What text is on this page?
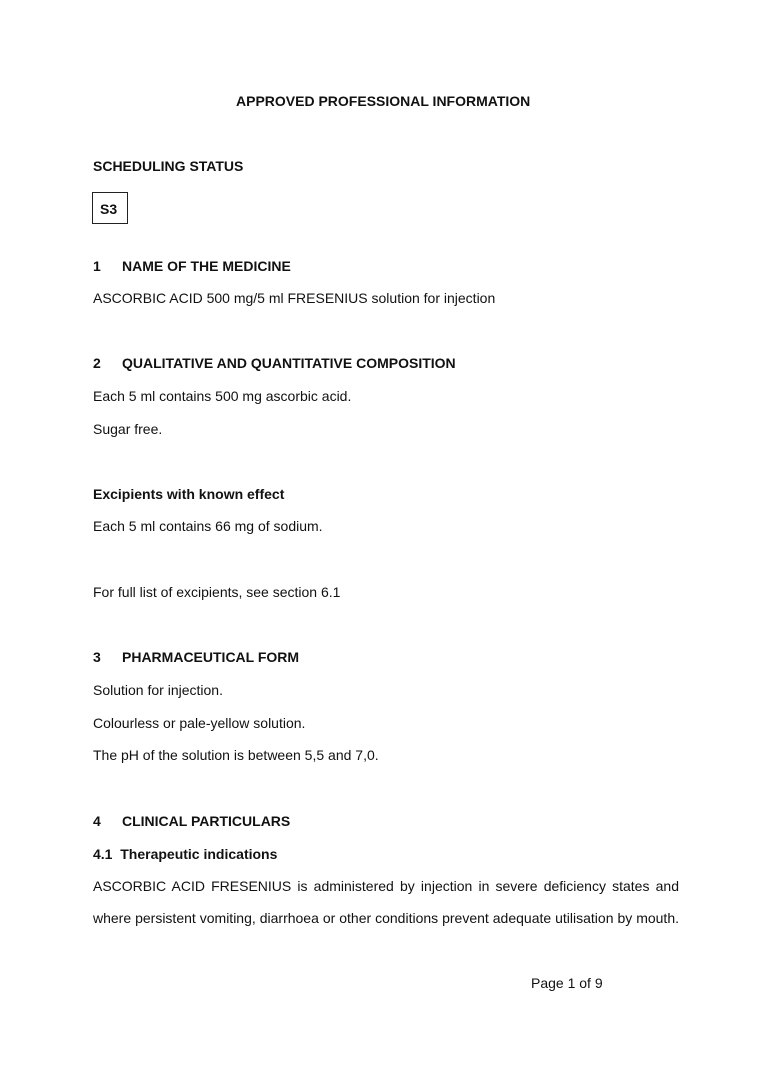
APPROVED PROFESSIONAL INFORMATION
SCHEDULING STATUS
S3
1 NAME OF THE MEDICINE
ASCORBIC ACID 500 mg/5 ml FRESENIUS solution for injection
2 QUALITATIVE AND QUANTITATIVE COMPOSITION
Each 5 ml contains 500 mg ascorbic acid.
Sugar free.
Excipients with known effect
Each 5 ml contains 66 mg of sodium.
For full list of excipients, see section 6.1
3 PHARMACEUTICAL FORM
Solution for injection.
Colourless or pale-yellow solution.
The pH of the solution is between 5,5 and 7,0.
4 CLINICAL PARTICULARS
4.1  Therapeutic indications
ASCORBIC ACID FRESENIUS is administered by injection in severe deficiency states and
where persistent vomiting, diarrhoea or other conditions prevent adequate utilisation by mouth.
Page 1 of 9
